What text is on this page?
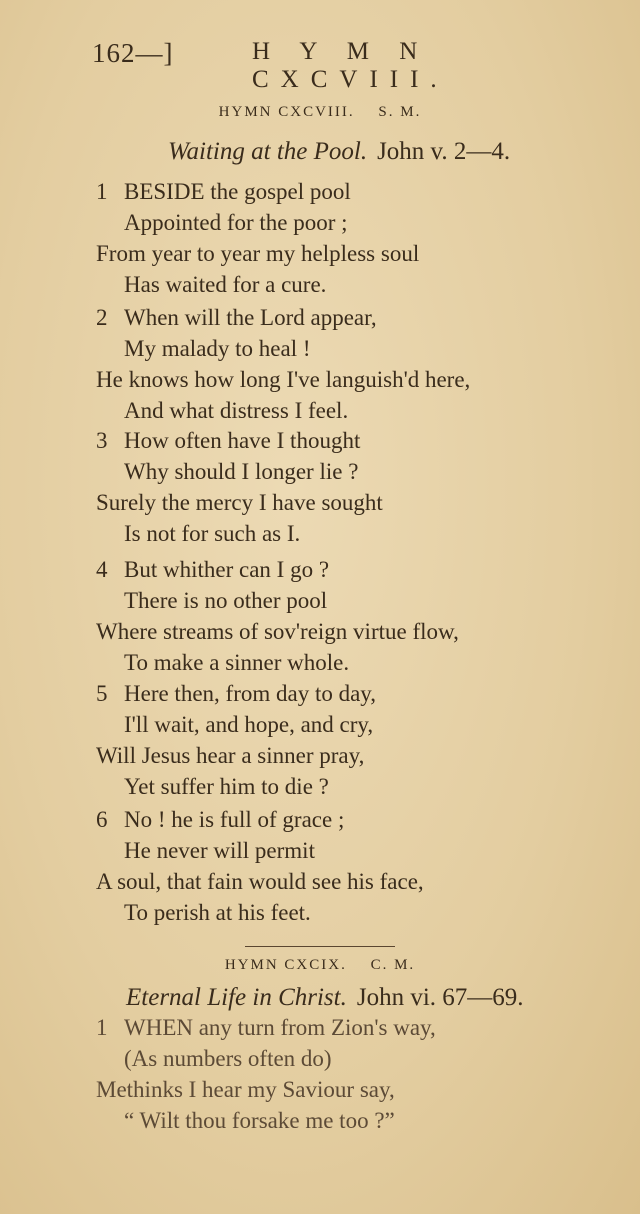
162—]	H Y M N CXCVIII.
HYMN CXCVIII. S. M.
Waiting at the Pool. John v. 2—4.
1 BESIDE the gospel pool
Appointed for the poor ;
From year to year my helpless soul
Has waited for a cure.
2 When will the Lord appear,
My malady to heal !
He knows how long I've languish'd here,
And what distress I feel.
3 How often have I thought
Why should I longer lie ?
Surely the mercy I have sought
Is not for such as I.
4 But whither can I go ?
There is no other pool
Where streams of sov'reign virtue flow,
To make a sinner whole.
5 Here then, from day to day,
I'll wait, and hope, and cry,
Will Jesus hear a sinner pray,
Yet suffer him to die ?
6 No ! he is full of grace ;
He never will permit
A soul, that fain would see his face,
To perish at his feet.
HYMN CXCIX. C. M.
Eternal Life in Christ. John vi. 67—69.
1 WHEN any turn from Zion's way,
(As numbers often do)
Methinks I hear my Saviour say,
“ Wilt thou forsake me too ?”
